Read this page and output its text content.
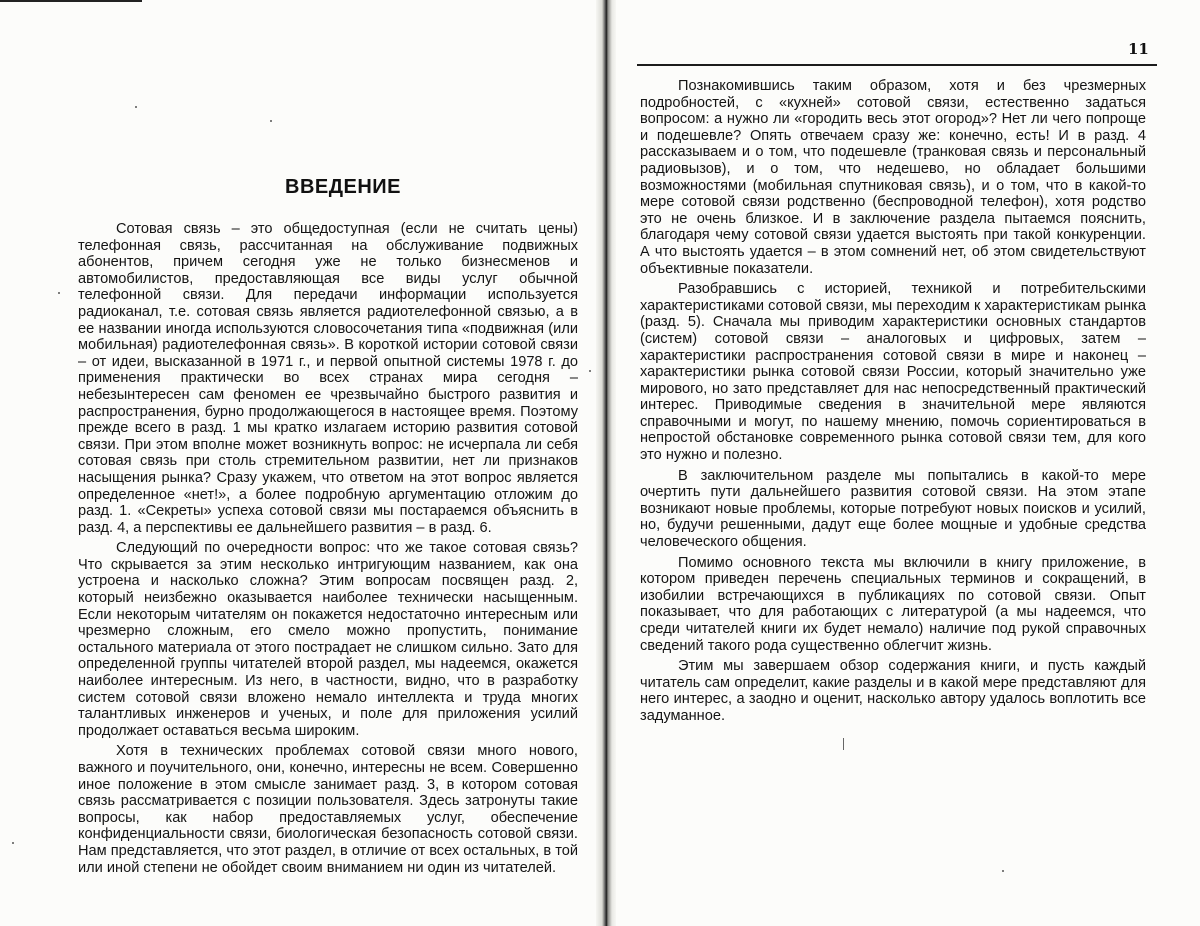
ВВЕДЕНИЕ

Сотовая связь – это общедоступная (если не считать цены) телефонная связь, рассчитанная на обслуживание подвижных абонентов, причем сегодня уже не только бизнесменов и автомобилистов, предоставляющая все виды услуг обычной телефонной связи. Для передачи информации используется радиоканал, т.е. сотовая связь является радиотелефонной связью, а в ее названии иногда используются словосочетания типа «подвижная (или мобильная) радиотелефонная связь». В короткой истории сотовой связи – от идеи, высказанной в 1971 г., и первой опытной системы 1978 г. до применения практически во всех странах мира сегодня – небезынтересен сам феномен ее чрезвычайно быстрого развития и распространения, бурно продолжающегося в настоящее время. Поэтому прежде всего в разд. 1 мы кратко излагаем историю развития сотовой связи. При этом вполне может возникнуть вопрос: не исчерпала ли себя сотовая связь при столь стремительном развитии, нет ли признаков насыщения рынка? Сразу укажем, что ответом на этот вопрос является определенное «нет!», а более подробную аргументацию отложим до разд. 1. «Секреты» успеха сотовой связи мы постараемся объяснить в разд. 4, а перспективы ее дальнейшего развития – в разд. 6.

Следующий по очередности вопрос: что же такое сотовая связь? Что скрывается за этим несколько интригующим названием, как она устроена и насколько сложна? Этим вопросам посвящен разд. 2, который неизбежно оказывается наиболее технически насыщенным. Если некоторым читателям он покажется недостаточно интересным или чрезмерно сложным, его смело можно пропустить, понимание остального материала от этого пострадает не слишком сильно. Зато для определенной группы читателей второй раздел, мы надеемся, окажется наиболее интересным. Из него, в частности, видно, что в разработку систем сотовой связи вложено немало интеллекта и труда многих талантливых инженеров и ученых, и поле для приложения усилий продолжает оставаться весьма широким.

Хотя в технических проблемах сотовой связи много нового, важного и поучительного, они, конечно, интересны не всем. Совершенно иное положение в этом смысле занимает разд. 3, в котором сотовая связь рассматривается с позиции пользователя. Здесь затронуты такие вопросы, как набор предоставляемых услуг, обеспечение конфиденциальности связи, биологическая безопасность сотовой связи. Нам представляется, что этот раздел, в отличие от всех остальных, в той или иной степени не обойдет своим вниманием ни один из читателей.

11

Познакомившись таким образом, хотя и без чрезмерных подробностей, с «кухней» сотовой связи, естественно задаться вопросом: а нужно ли «городить весь этот огород»? Нет ли чего попроще и подешевле? Опять отвечаем сразу же: конечно, есть! И в разд. 4 рассказываем и о том, что подешевле (транковая связь и персональный радиовызов), и о том, что недешево, но обладает большими возможностями (мобильная спутниковая связь), и о том, что в какой-то мере сотовой связи родственно (беспроводной телефон), хотя родство это не очень близкое. И в заключение раздела пытаемся пояснить, благодаря чему сотовой связи удается выстоять при такой конкуренции. А что выстоять удается – в этом сомнений нет, об этом свидетельствуют объективные показатели.

Разобравшись с историей, техникой и потребительскими характеристиками сотовой связи, мы переходим к характеристикам рынка (разд. 5). Сначала мы приводим характеристики основных стандартов (систем) сотовой связи – аналоговых и цифровых, затем – характеристики распространения сотовой связи в мире и наконец – характеристики рынка сотовой связи России, который значительно уже мирового, но зато представляет для нас непосредственный практический интерес. Приводимые сведения в значительной мере являются справочными и могут, по нашему мнению, помочь сориентироваться в непростой обстановке современного рынка сотовой связи тем, для кого это нужно и полезно.

В заключительном разделе мы попытались в какой-то мере очертить пути дальнейшего развития сотовой связи. На этом этапе возникают новые проблемы, которые потребуют новых поисков и усилий, но, будучи решенными, дадут еще более мощные и удобные средства человеческого общения.

Помимо основного текста мы включили в книгу приложение, в котором приведен перечень специальных терминов и сокращений, в изобилии встречающихся в публикациях по сотовой связи. Опыт показывает, что для работающих с литературой (а мы надеемся, что среди читателей книги их будет немало) наличие под рукой справочных сведений такого рода существенно облегчит жизнь.

Этим мы завершаем обзор содержания книги, и пусть каждый читатель сам определит, какие разделы и в какой мере представляют для него интерес, а заодно и оценит, насколько автору удалось воплотить все задуманное.
